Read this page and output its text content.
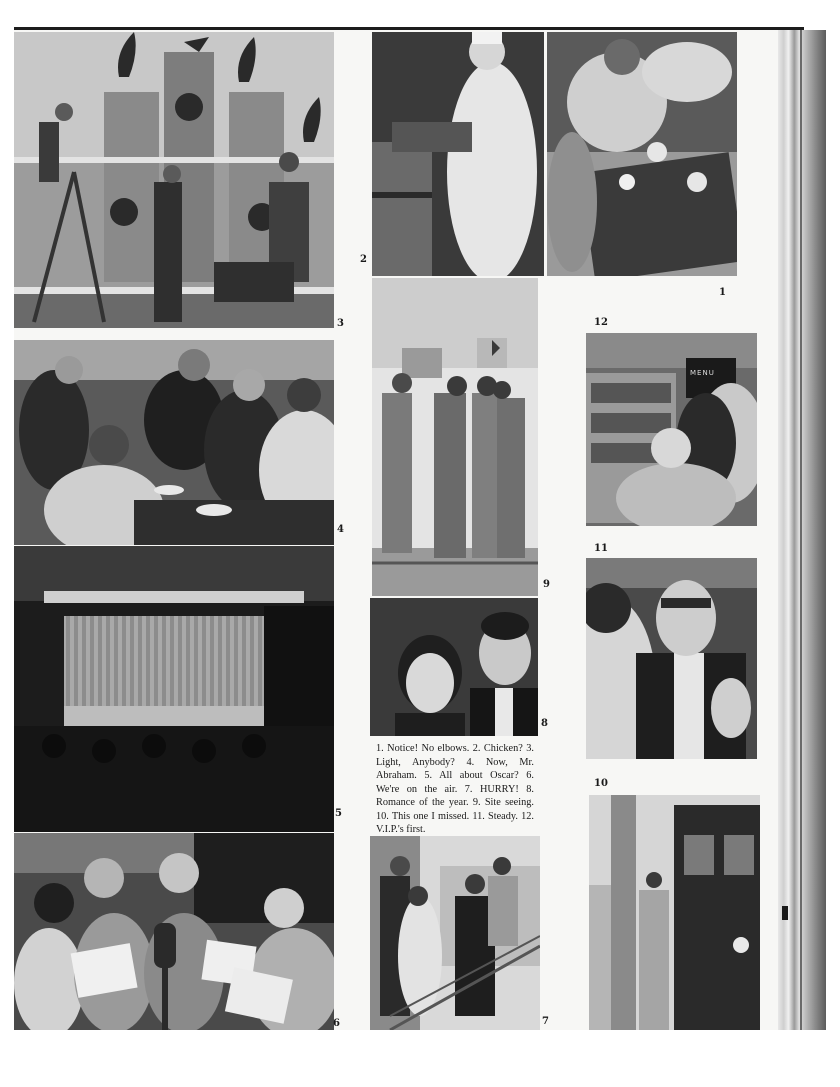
MENU
1
2
3
4
5
6	7
8
9
10
11
12
1. Notice! No elbows. 2. Chicken? 3. Light, Anybody? 4. Now, Mr. Abraham. 5. All about Oscar? 6. We're on the air. 7. HURRY! 8. Romance of the year. 9. Site seeing. 10. This one I missed. 11. Steady. 12. V.I.P.'s first.
